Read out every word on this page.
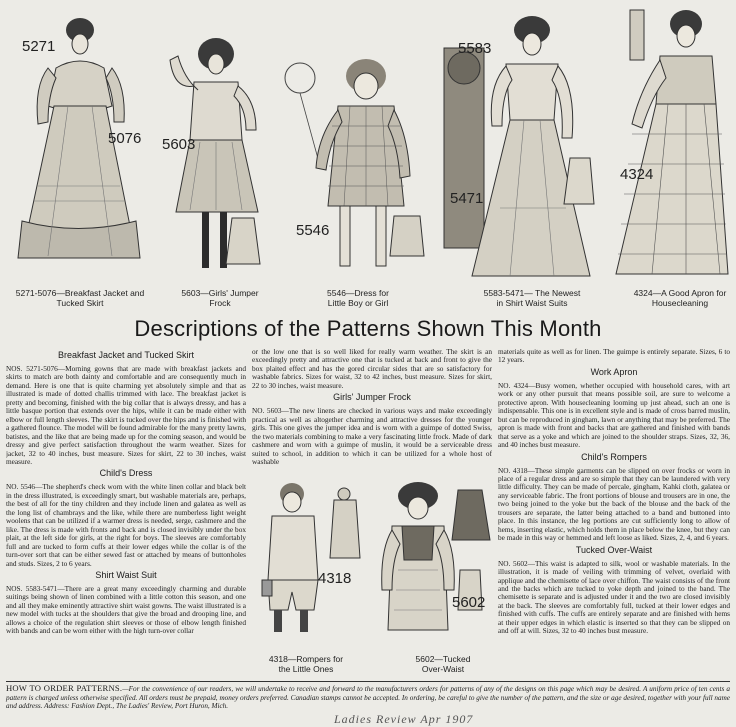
5271
5076
5271-5076—Breakfast Jacket and Tucked Skirt
5603
5603—Girls' Jumper Frock
5546
5546—Dress for Little Boy or Girl
5583
5471
5583-5471— The Newest in Shirt Waist Suits
4324
4324—A Good Apron for Housecleaning
Descriptions of the Patterns Shown This Month
Breakfast Jacket and Tucked Skirt

NOS. 5271-5076—Morning gowns that are made with breakfast jackets and skirts to match are both dainty and comfortable and are consequently much in demand. Here is one that is quite charming yet absolutely simple and that as illustrated is made of dotted challis trimmed with lace. The breakfast jacket is pretty and becoming, finished with the big collar that is always dressy, and has a little basque portion that extends over the hips, while it can be made either with elbow or full length sleeves. The skirt is tucked over the hips and is finished with a gathered flounce. The model will be found admirable for the many pretty lawns, batistes, and the like that are being made up for the coming season, and would be dressy and give perfect satisfaction throughout the warm weather. Sizes for jacket, 32 to 40 inches, bust measure. Sizes for skirt, 22 to 30 inches, waist measure.

Child's Dress

NO. 5546—The shepherd's check worn with the white linen collar and black belt in the dress illustrated, is exceedingly smart, but washable materials are, perhaps, the best of all for the tiny children and they include linen and galatea as well as the long list of chambrays and the like, while there are numberless light weight woolens that can be utilized if a warmer dress is needed, serge, cashmere and the like. The dress is made with fronts and back and is closed invisibly under the box plait, at the left side for girls, at the right for boys. The sleeves are comfortably full and are tucked to form cuffs at their lower edges while the collar is of the turn-over sort that can be either sewed fast or attached by means of buttonholes and studs. Sizes, 2 to 6 years.

Shirt Waist Suit

NOS. 5583-5471—There are a great many exceedingly charming and durable suitings being shown of linen combined with a little cotton this season, and one and all they make eminently attractive shirt waist gowns. The waist illustrated is a new model with tucks at the shoulders that give the broad and drooping line, and allows a choice of the regulation shirt sleeves or those of elbow length finished with bands and can be worn either with the high turn-over collar

or the low one that is so well liked for really warm weather. The skirt is an exceedingly pretty and attractive one that is tucked at back and front to give the box plaited effect and has the gored circular sides that are so satisfactory for washable fabrics. Sizes for waist, 32 to 42 inches, bust measure. Sizes for skirt, 22 to 30 inches, waist measure.

Girls' Jumper Frock

NO. 5603—The new linens are checked in various ways and make exceedingly practical as well as altogether charming and attractive dresses for the younger girls. This one gives the jumper idea and is worn with a guimpe of dotted Swiss, the two materials combining to make a very fascinating little frock. Made of dark cashmere and worn with a guimpe of muslin, it would be a serviceable dress suited to school, in addition to which it can be utilized for a whole host of washable

4318
4318—Rompers for the Little Ones
5602
5602—Tucked Over-Waist

materials quite as well as for linen. The guimpe is entirely separate. Sizes, 6 to 12 years.

Work Apron

NO. 4324—Busy women, whether occupied with household cares, with art work or any other pursuit that means possible soil, are sure to welcome a protective apron. With housecleaning looming up just ahead, such an one is indispensable. This one is in excellent style and is made of cross barred muslin, but can be reproduced in gingham, lawn or anything that may be preferred. The apron is made with front and backs that are gathered and finished with bands that serve as a yoke and which are joined to the shoulder straps. Sizes, 32, 36, and 40 inches bust measure.

Child's Rompers

NO. 4318—These simple garments can be slipped on over frocks or worn in place of a regular dress and are so simple that they can be laundered with very little difficulty. They can be made of percale, gingham, Kahki cloth, galatea or any serviceable fabric. The front portions of blouse and trousers are in one, the two being joined to the yoke but the back of the blouse and the back of the trousers are separate, the latter being attached to a band and buttoned into place. In this instance, the leg portions are cut sufficiently long to allow of hems, inserting elastic, which holds them in place below the knee, but they can be made in this way or hemmed and left loose as liked. Sizes, 2, 4, and 6 years.

Tucked Over-Waist

NO. 5602—This waist is adapted to silk, wool or washable materials. In the illustration, it is made of veiling with trimming of velvet, overlaid with applique and the chemisette of lace over chiffon. The waist consists of the front and the backs which are tucked to yoke depth and joined to the band. The chemisette is separate and is adjusted under it and the two are closed invisibly at the back. The sleeves are comfortably full, tucked at their lower edges and finished with cuffs. The cuffs are entirely separate and are finished with hems at their upper edges in which elastic is inserted so that they can be slipped on and off at will. Sizes, 32 to 40 inches bust measure.

HOW TO ORDER PATTERNS.—For the convenience of our readers, we will undertake to receive and forward to the manufacturers orders for patterns of any of the designs on this page which may be desired. A uniform price of ten cents a pattern is charged unless otherwise specified. All orders must be prepaid, money orders preferred. Canadian stamps cannot be accepted. In ordering, be careful to give the number of the pattern, and the size or age desired, together with your full name and address. Address: Fashion Dept., The Ladies' Review, Port Huron, Mich.
Ladies Review Apr 1907
